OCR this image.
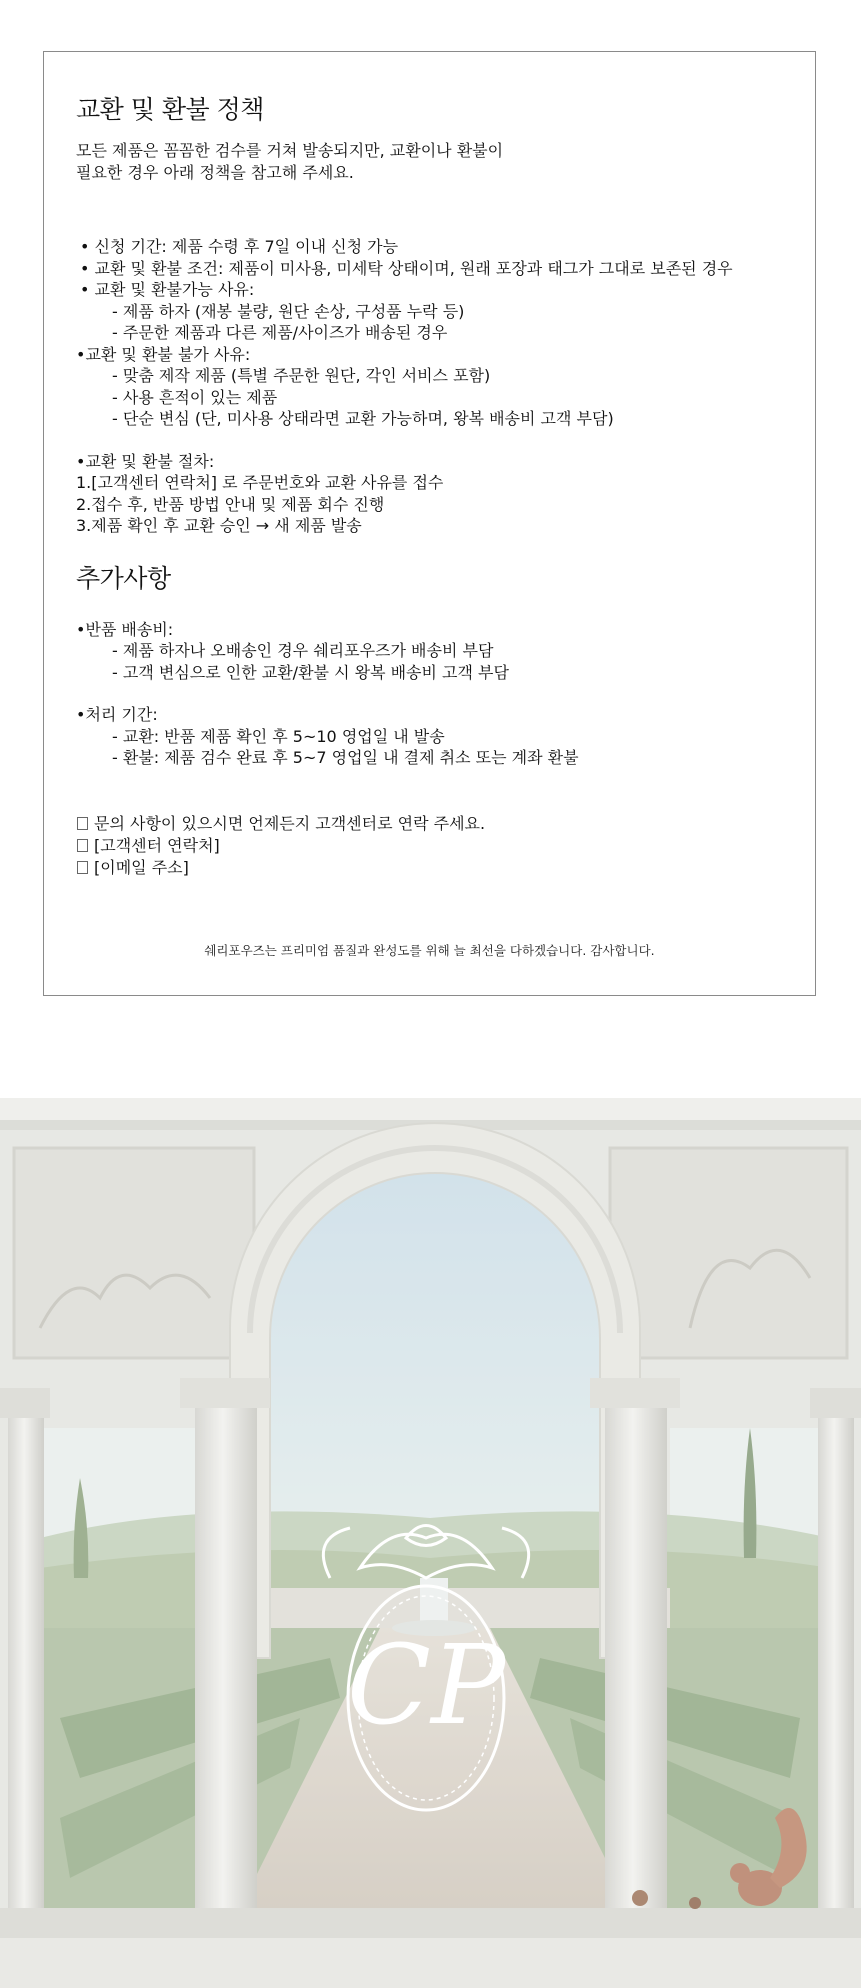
교환 및 환불 정책
모든 제품은 꼼꼼한 검수를 거쳐 발송되지만, 교환이나 환불이
필요한 경우 아래 정책을 참고해 주세요.
• 신청 기간: 제품 수령 후 7일 이내 신청 가능
• 교환 및 환불 조건: 제품이 미사용, 미세탁 상태이며, 원래 포장과 태그가 그대로 보존된 경우
• 교환 및 환불가능 사유:
- 제품 하자 (재봉 불량, 원단 손상, 구성품 누락 등)
- 주문한 제품과 다른 제품/사이즈가 배송된 경우
•교환 및 환불 불가 사유:
- 맞춤 제작 제품 (특별 주문한 원단, 각인 서비스 포함)
- 사용 흔적이 있는 제품
- 단순 변심 (단, 미사용 상태라면 교환 가능하며, 왕복 배송비 고객 부담)
•교환 및 환불 절차:
1.[고객센터 연락처] 로 주문번호와 교환 사유를 접수
2.접수 후, 반품 방법 안내 및 제품 회수 진행
3.제품 확인 후 교환 승인 → 새 제품 발송
추가사항
•반품 배송비:
- 제품 하자나 오배송인 경우 쉐리포우즈가 배송비 부담
- 고객 변심으로 인한 교환/환불 시 왕복 배송비 고객 부담
•처리 기간:
- 교환: 반품 제품 확인 후 5~10 영업일 내 발송
- 환불: 제품 검수 완료 후 5~7 영업일 내 결제 취소 또는 계좌 환불
문의 사항이 있으시면 언제든지 고객센터로 연락 주세요.
[고객센터 연락처]
[이메일 주소]
쉐리포우즈는 프리미엄 품질과 완성도를 위해 늘 최선을 다하겠습니다. 감사합니다.
CP
